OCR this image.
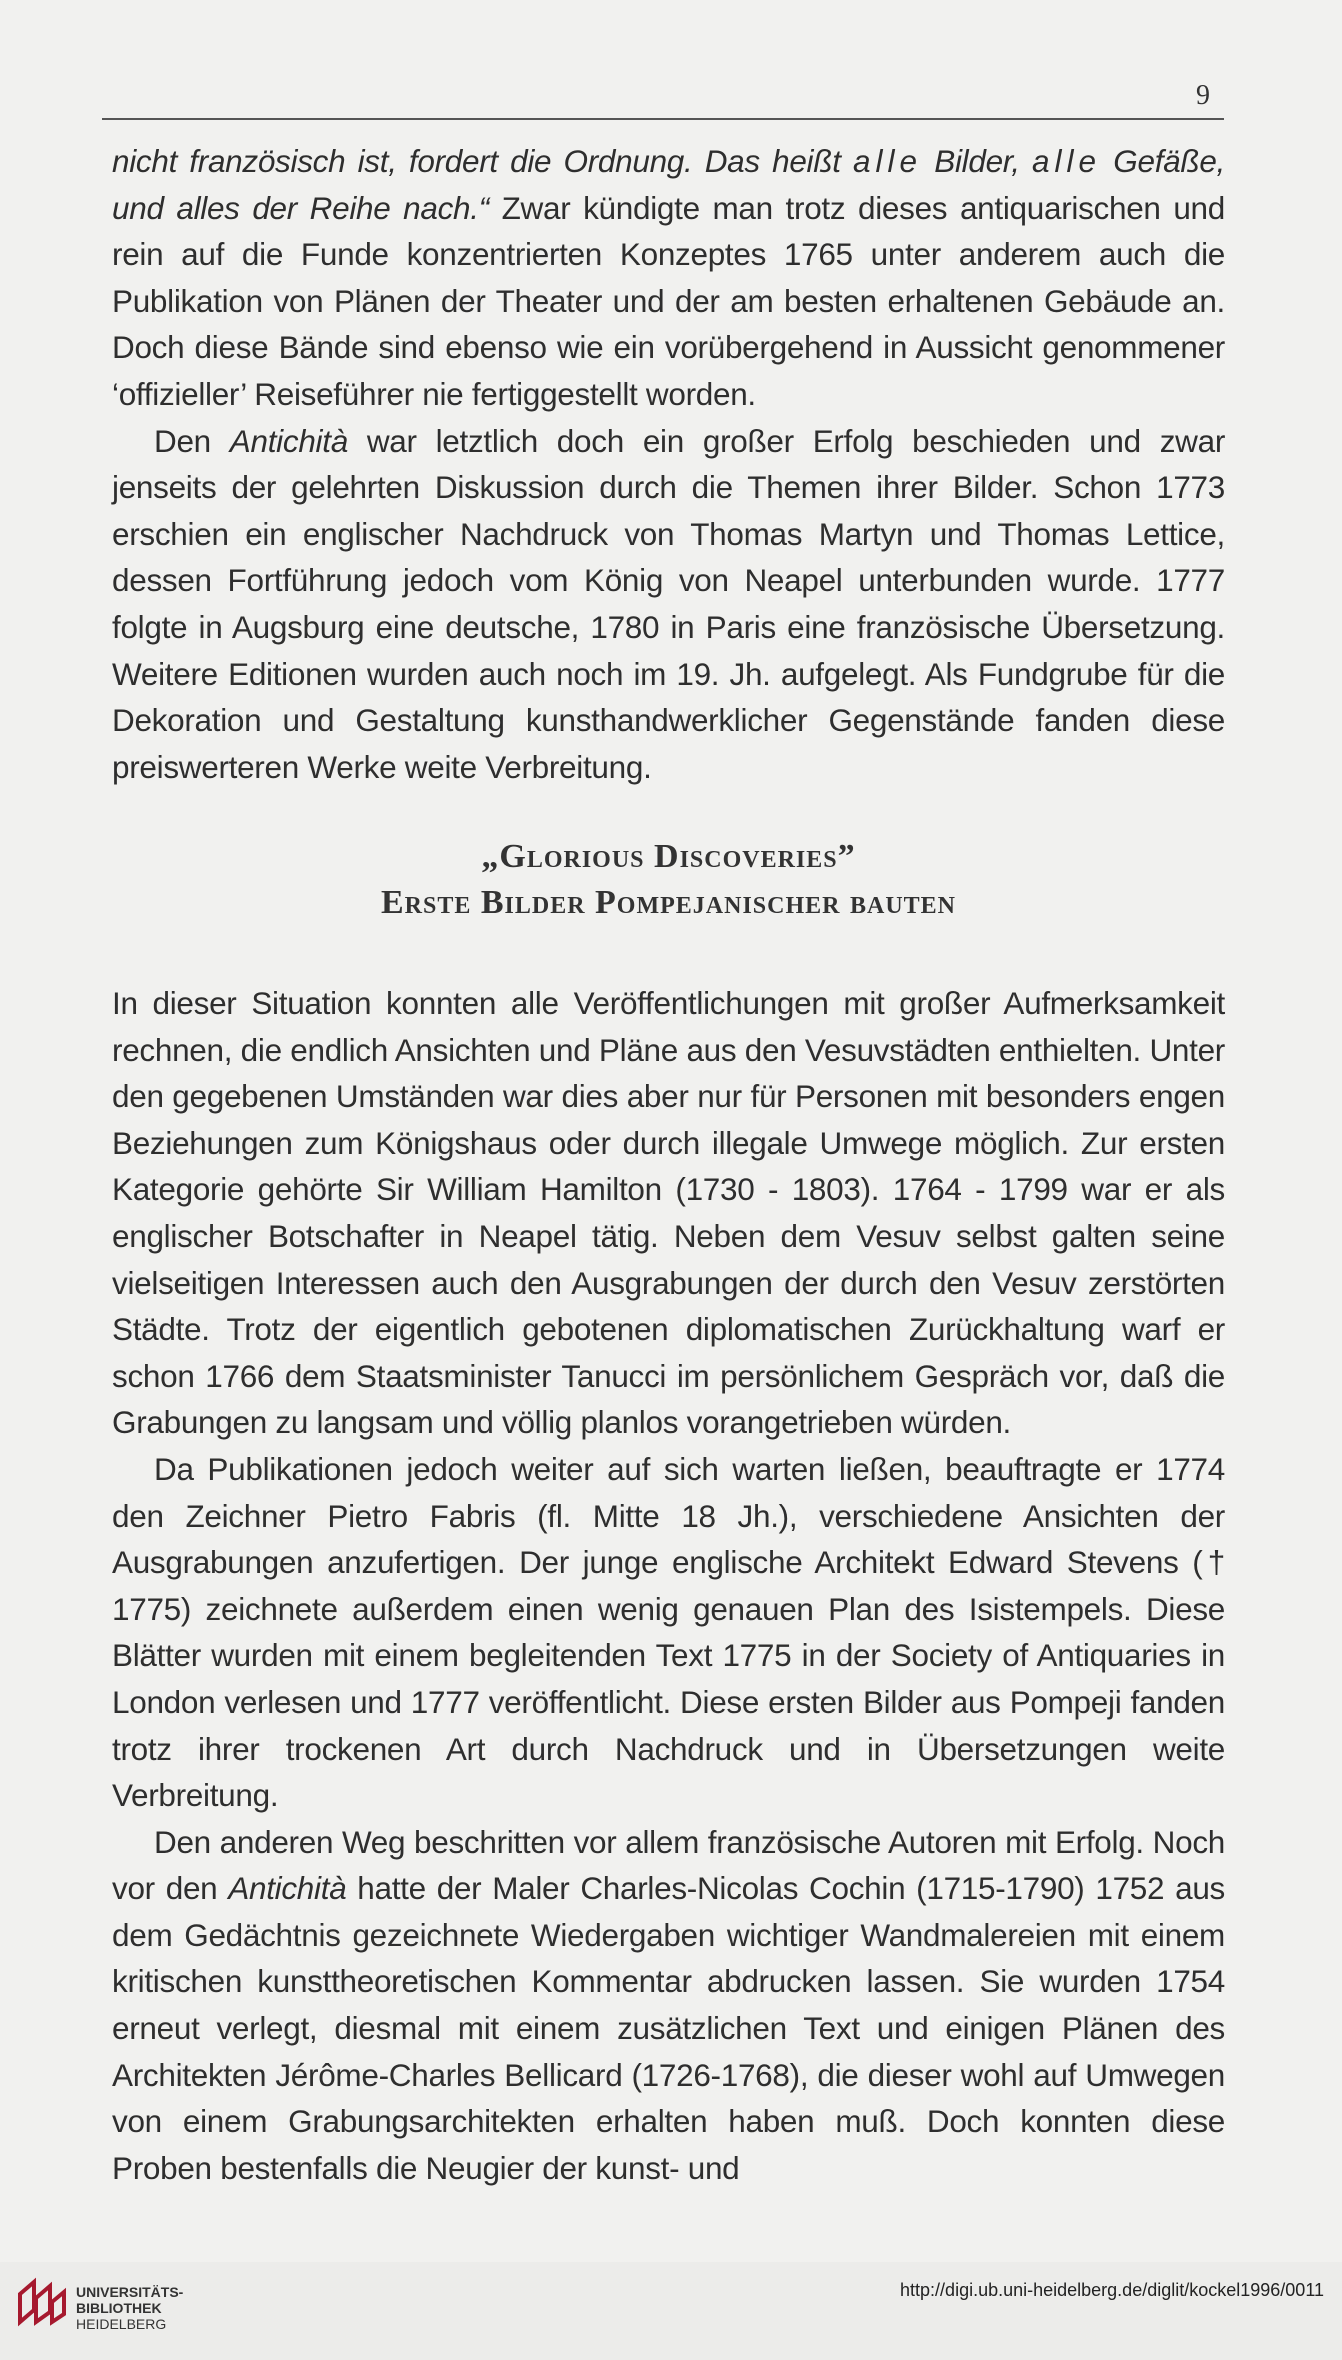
9

nicht französisch ist, fordert die Ordnung. Das heißt alle Bilder, alle Gefäße, und alles der Reihe nach.“ Zwar kündigte man trotz dieses antiquarischen und rein auf die Funde konzentrierten Konzeptes 1765 unter anderem auch die Publikation von Plänen der Theater und der am besten erhaltenen Gebäude an. Doch diese Bände sind ebenso wie ein vorübergehend in Aussicht genommener ‘offizieller’ Reiseführer nie fertiggestellt worden.

Den Antichità war letztlich doch ein großer Erfolg beschieden und zwar jenseits der gelehrten Diskussion durch die Themen ihrer Bilder. Schon 1773 erschien ein englischer Nachdruck von Thomas Martyn und Thomas Lettice, dessen Fortführung jedoch vom König von Neapel unterbunden wurde. 1777 folgte in Augsburg eine deutsche, 1780 in Paris eine französische Übersetzung. Weitere Editionen wurden auch noch im 19. Jh. aufgelegt. Als Fundgrube für die Dekoration und Gestaltung kunsthandwerklicher Gegenstände fanden diese preiswerteren Werke weite Verbreitung.

„Glorious Discoveries”
Erste Bilder Pompejanischer bauten

In dieser Situation konnten alle Veröffentlichungen mit großer Aufmerksamkeit rechnen, die endlich Ansichten und Pläne aus den Vesuvstädten enthielten. Unter den gegebenen Umständen war dies aber nur für Personen mit besonders engen Beziehungen zum Königshaus oder durch illegale Umwege möglich. Zur ersten Kategorie gehörte Sir William Hamilton (1730 - 1803). 1764 - 1799 war er als englischer Botschafter in Neapel tätig. Neben dem Vesuv selbst galten seine vielseitigen Interessen auch den Ausgrabungen der durch den Vesuv zerstörten Städte. Trotz der eigentlich gebotenen diplomatischen Zurückhaltung warf er schon 1766 dem Staatsminister Tanucci im persönlichem Gespräch vor, daß die Grabungen zu langsam und völlig planlos vorangetrieben würden.

Da Publikationen jedoch weiter auf sich warten ließen, beauftragte er 1774 den Zeichner Pietro Fabris (fl. Mitte 18 Jh.), verschiedene Ansichten der Ausgrabungen anzufertigen. Der junge englische Architekt Edward Stevens († 1775) zeichnete außerdem einen wenig genauen Plan des Isistempels. Diese Blätter wurden mit einem begleitenden Text 1775 in der Society of Antiquaries in London verlesen und 1777 veröffentlicht. Diese ersten Bilder aus Pompeji fanden trotz ihrer trockenen Art durch Nachdruck und in Übersetzungen weite Verbreitung.

Den anderen Weg beschritten vor allem französische Autoren mit Erfolg. Noch vor den Antichità hatte der Maler Charles-Nicolas Cochin (1715-1790) 1752 aus dem Gedächtnis gezeichnete Wiedergaben wichtiger Wandmalereien mit einem kritischen kunsttheoretischen Kommentar abdrucken lassen. Sie wurden 1754 erneut verlegt, diesmal mit einem zusätzlichen Text und einigen Plänen des Architekten Jérôme-Charles Bellicard (1726-1768), die dieser wohl auf Umwegen von einem Grabungsarchitekten erhalten haben muß. Doch konnten diese Proben bestenfalls die Neugier der kunst- und

UNIVERSITÄTS-
BIBLIOTHEK
HEIDELBERG
http://digi.ub.uni-heidelberg.de/diglit/kockel1996/0011
